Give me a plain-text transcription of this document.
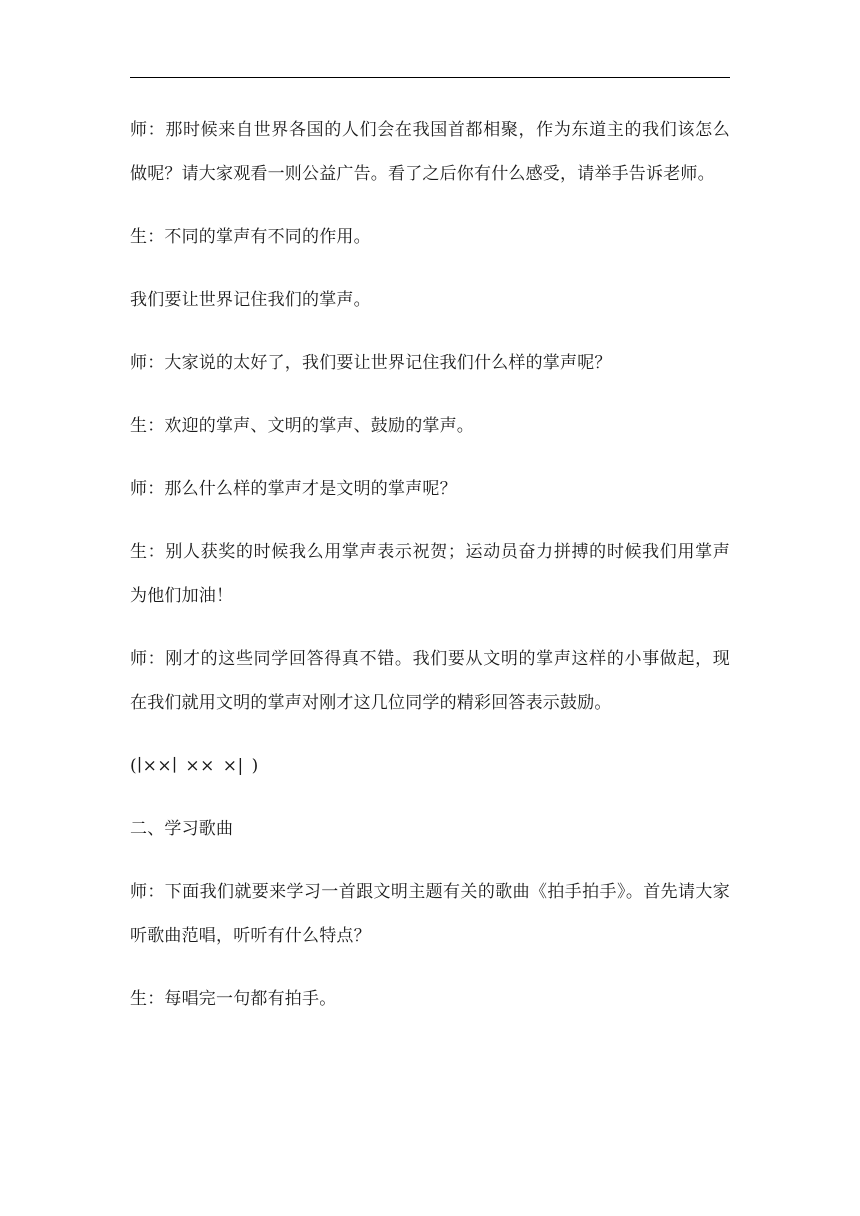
师：那时候来自世界各国的人们会在我国首都相聚，作为东道主的我们该怎么做呢？请大家观看一则公益广告。看了之后你有什么感受，请举手告诉老师。

生：不同的掌声有不同的作用。

我们要让世界记住我们的掌声。

师：大家说的太好了，我们要让世界记住我们什么样的掌声呢？

生：欢迎的掌声、文明的掌声、鼓励的掌声。

师：那么什么样的掌声才是文明的掌声呢？

生：别人获奖的时候我么用掌声表示祝贺；运动员奋力拼搏的时候我们用掌声为他们加油！

师：刚才的这些同学回答得真不错。我们要从文明的掌声这样的小事做起，现在我们就用文明的掌声对刚才这几位同学的精彩回答表示鼓励。

(∣××∣ ×× ×| )

二、学习歌曲

师：下面我们就要来学习一首跟文明主题有关的歌曲《拍手拍手》。首先请大家听歌曲范唱，听听有什么特点？

生：每唱完一句都有拍手。
